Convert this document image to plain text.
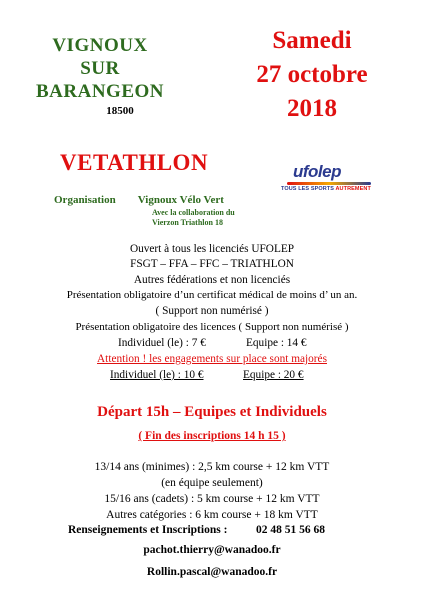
VIGNOUX
SUR
BARANGEON
18500
Samedi
27 octobre
2018
VETATHLON	ufolep
TOUS LES SPORTS AUTREMENT
Organisation Vignoux Vélo Vert
Avec la collaboration du
Vierzon Triathlon 18
Ouvert à tous les licenciés UFOLEP
FSGT – FFA – FFC – TRIATHLON
Autres fédérations et non licenciés
Présentation obligatoire d’un certificat médical de moins d’ un an.
( Support non numérisé )
Présentation obligatoire des licences ( Support non numérisé )
Individuel (le) : 7 €	Equipe : 14 €
Attention ! les engagements sur place sont majorés
Individuel (le) : 10 €	Equipe : 20 €
Départ 15h – Equipes et Individuels
( Fin des inscriptions 14 h 15 )
13/14 ans (minimes) : 2,5 km course + 12 km VTT
(en équipe seulement)
15/16 ans (cadets) : 5 km course + 12 km VTT
Autres catégories : 6 km course + 18 km VTT
Renseignements et Inscriptions : 02 48 51 56 68
pachot.thierry@wanadoo.fr
Rollin.pascal@wanadoo.fr
